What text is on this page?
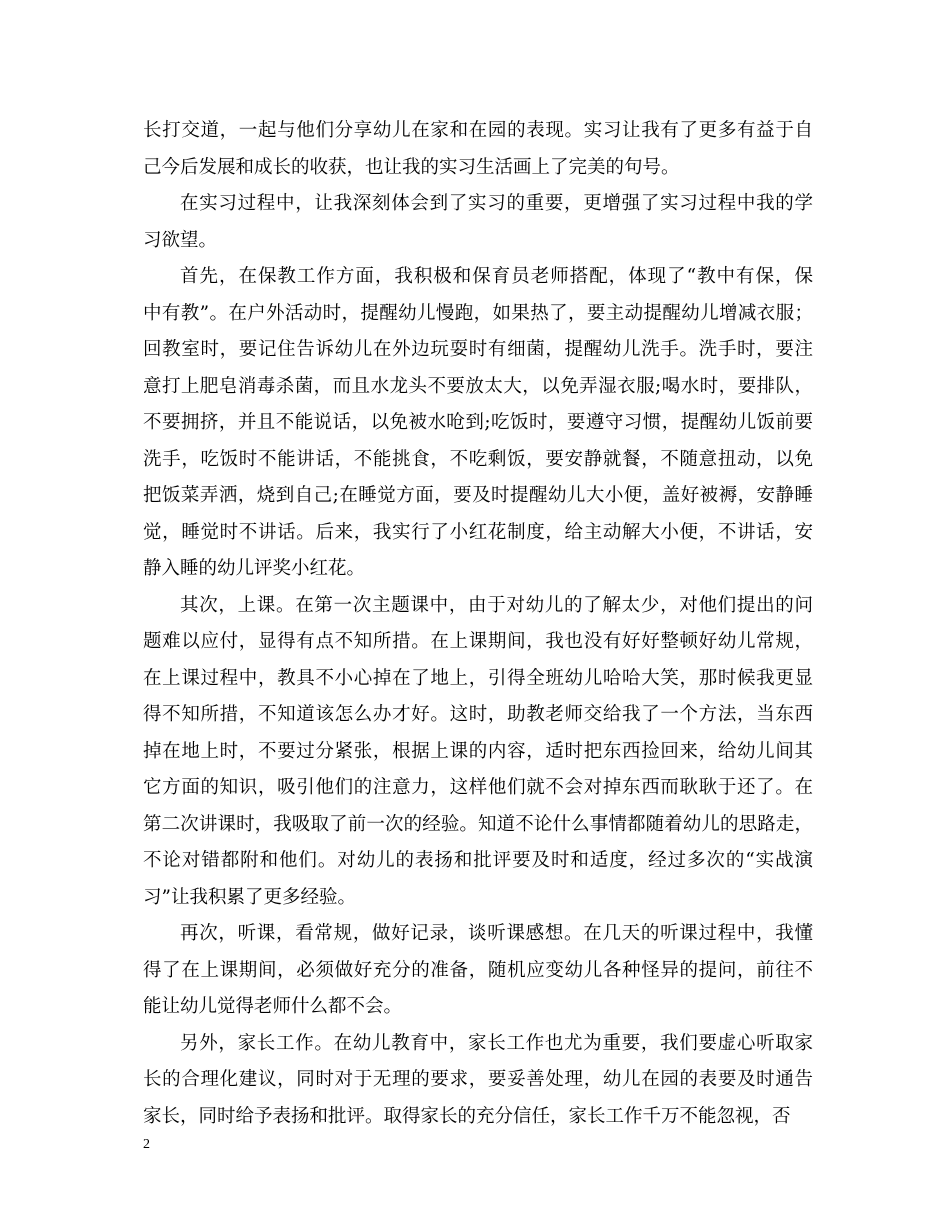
长打交道，一起与他们分享幼儿在家和在园的表现。实习让我有了更多有益于自
己今后发展和成长的收获，也让我的实习生活画上了完美的句号。
在实习过程中，让我深刻体会到了实习的重要，更增强了实习过程中我的学
习欲望。
首先，在保教工作方面，我积极和保育员老师搭配，体现了“教中有保，保
中有教”。在户外活动时，提醒幼儿慢跑，如果热了，要主动提醒幼儿增减衣服；
回教室时，要记住告诉幼儿在外边玩耍时有细菌，提醒幼儿洗手。洗手时，要注
意打上肥皂消毒杀菌，而且水龙头不要放太大，以免弄湿衣服;喝水时，要排队，
不要拥挤，并且不能说话，以免被水呛到;吃饭时，要遵守习惯，提醒幼儿饭前要
洗手，吃饭时不能讲话，不能挑食，不吃剩饭，要安静就餐，不随意扭动，以免
把饭菜弄洒，烧到自己;在睡觉方面，要及时提醒幼儿大小便，盖好被褥，安静睡
觉，睡觉时不讲话。后来，我实行了小红花制度，给主动解大小便，不讲话，安
静入睡的幼儿评奖小红花。
其次，上课。在第一次主题课中，由于对幼儿的了解太少，对他们提出的问
题难以应付，显得有点不知所措。在上课期间，我也没有好好整顿好幼儿常规，
在上课过程中，教具不小心掉在了地上，引得全班幼儿哈哈大笑，那时候我更显
得不知所措，不知道该怎么办才好。这时，助教老师交给我了一个方法，当东西
掉在地上时，不要过分紧张，根据上课的内容，适时把东西捡回来，给幼儿间其
它方面的知识，吸引他们的注意力，这样他们就不会对掉东西而耿耿于还了。在
第二次讲课时，我吸取了前一次的经验。知道不论什么事情都随着幼儿的思路走，
不论对错都附和他们。对幼儿的表扬和批评要及时和适度，经过多次的“实战演
习”让我积累了更多经验。
再次，听课，看常规，做好记录，谈听课感想。在几天的听课过程中，我懂
得了在上课期间，必须做好充分的准备，随机应变幼儿各种怪异的提问，前往不
能让幼儿觉得老师什么都不会。
另外，家长工作。在幼儿教育中，家长工作也尤为重要，我们要虚心听取家
长的合理化建议，同时对于无理的要求，要妥善处理，幼儿在园的表要及时通告
家长，同时给予表扬和批评。取得家长的充分信任，家长工作千万不能忽视，否
2
